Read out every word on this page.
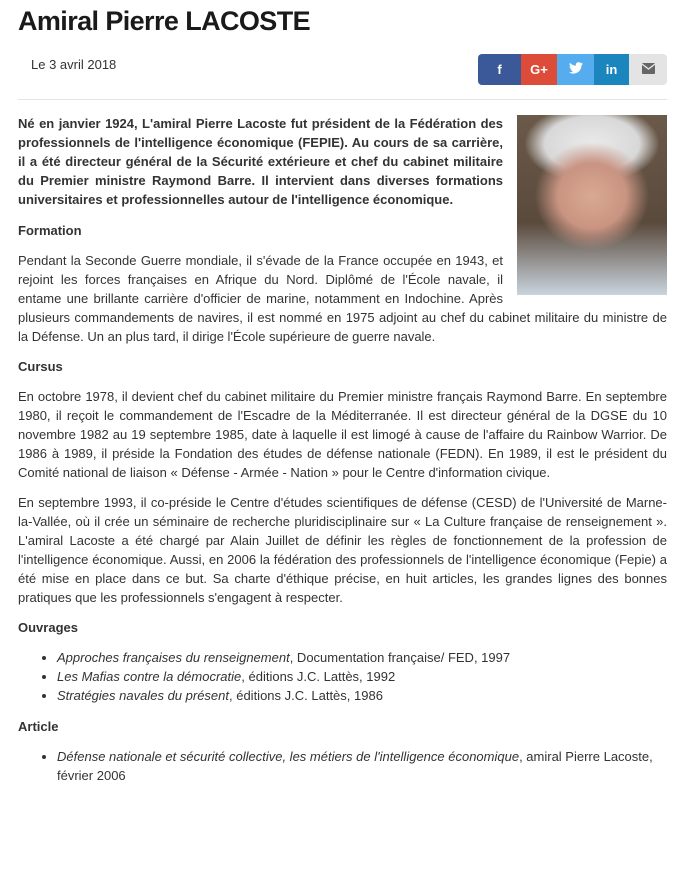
Amiral Pierre LACOSTE
Le 3 avril 2018	f G+	in

Né en janvier 1924, L'amiral Pierre Lacoste fut président de la Fédération des professionnels de l'intelligence économique (FEPIE). Au cours de sa carrière, il a été directeur général de la Sécurité extérieure et chef du cabinet militaire du Premier ministre Raymond Barre. Il intervient dans diverses formations universitaires et professionnelles autour de l'intelligence économique.

Formation

Pendant la Seconde Guerre mondiale, il s'évade de la France occupée en 1943, et rejoint les forces françaises en Afrique du Nord. Diplômé de l'École navale, il entame une brillante carrière d'officier de marine, notamment en Indochine. Après plusieurs commandements de navires, il est nommé en 1975 adjoint au chef du cabinet militaire du ministre de la Défense. Un an plus tard, il dirige l'École supérieure de guerre navale.

Cursus

En octobre 1978, il devient chef du cabinet militaire du Premier ministre français Raymond Barre. En septembre 1980, il reçoit le commandement de l'Escadre de la Méditerranée. Il est directeur général de la DGSE du 10 novembre 1982 au 19 septembre 1985, date à laquelle il est limogé à cause de l'affaire du Rainbow Warrior. De 1986 à 1989, il préside la Fondation des études de défense nationale (FEDN). En 1989, il est le président du Comité national de liaison « Défense - Armée - Nation » pour le Centre d'information civique.

En septembre 1993, il co-préside le Centre d'études scientifiques de défense (CESD) de l'Université de Marne-la-Vallée, où il crée un séminaire de recherche pluridisciplinaire sur « La Culture française de renseignement ». L'amiral Lacoste a été chargé par Alain Juillet de définir les règles de fonctionnement de la profession de l'intelligence économique. Aussi, en 2006 la fédération des professionnels de l'intelligence économique (Fepie) a été mise en place dans ce but. Sa charte d'éthique précise, en huit articles, les grandes lignes des bonnes pratiques que les professionnels s'engagent à respecter.

Ouvrages
• Approches françaises du renseignement, Documentation française/ FED, 1997
• Les Mafias contre la démocratie, éditions J.C. Lattès, 1992
• Stratégies navales du présent, éditions J.C. Lattès, 1986
Article
• Défense nationale et sécurité collective, les métiers de l'intelligence économique, amiral Pierre Lacoste, février 2006
